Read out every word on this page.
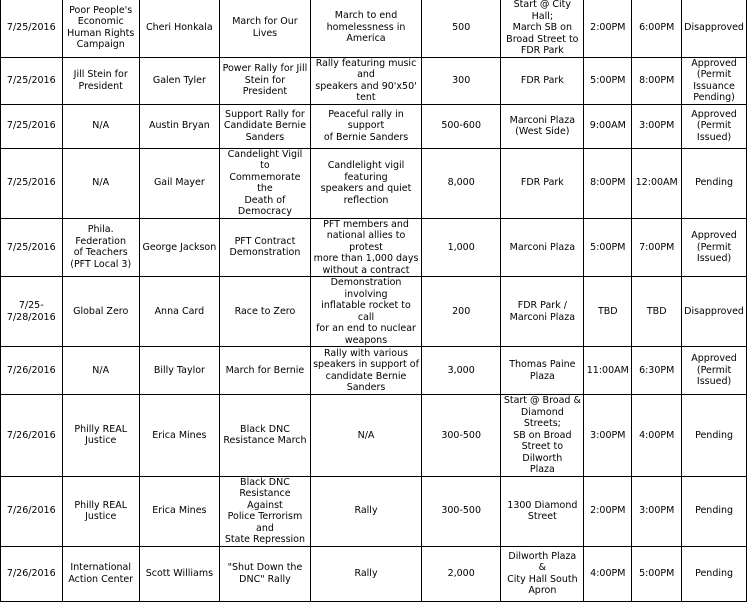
7/25/2016	Poor People's
Economic
Human Rights
Campaign	Cheri Honkala	March for Our Lives	March to end
homelessness in
America	500	Start @ City Hall;
March SB on
Broad Street to
FDR Park	2:00PM	6:00PM	Disapproved
7/25/2016	Jill Stein for
President	Galen Tyler	Power Rally for Jill
Stein for President	Rally featuring music and
speakers and 90'x50' tent	300	FDR Park	5:00PM	8:00PM	Approved
(Permit
Issuance
Pending)
7/25/2016	N/A	Austin Bryan	Support Rally for
Candidate Bernie
Sanders	Peaceful rally in support
of Bernie Sanders	500-600	Marconi Plaza
(West Side)	9:00AM	3:00PM	Approved
(Permit
Issued)
7/25/2016	N/A	Gail Mayer	Candelight Vigil to
Commemorate the
Death of Democracy	Candlelight vigil featuring
speakers and quiet
reflection	8,000	FDR Park	8:00PM	12:00AM	Pending
7/25/2016	Phila. Federation
of Teachers
(PFT Local 3)	George Jackson	PFT Contract
Demonstration	PFT members and
national allies to protest
more than 1,000 days
without a contract	1,000	Marconi Plaza	5:00PM	7:00PM	Approved
(Permit
Issued)
7/25-
7/28/2016	Global Zero	Anna Card	Race to Zero	Demonstration involving
inflatable rocket to call
for an end to nuclear
weapons	200	FDR Park /
Marconi Plaza	TBD	TBD	Disapproved
7/26/2016	N/A	Billy Taylor	March for Bernie	Rally with various
speakers in support of
candidate Bernie
Sanders	3,000	Thomas Paine
Plaza	11:00AM	6:30PM	Approved
(Permit
Issued)
7/26/2016	Philly REAL
Justice	Erica Mines	Black DNC
Resistance March	N/A	300-500	Start @ Broad &
Diamond Streets;
SB on Broad
Street to Dilworth
Plaza	3:00PM	4:00PM	Pending
7/26/2016	Philly REAL
Justice	Erica Mines	Black DNC
Resistance Against
Police Terrorism and
State Repression	Rally	300-500	1300 Diamond
Street	2:00PM	3:00PM	Pending
7/26/2016	International
Action Center	Scott Williams	"Shut Down the
DNC" Rally	Rally	2,000	Dilworth Plaza &
City Hall South
Apron	4:00PM	5:00PM	Pending
